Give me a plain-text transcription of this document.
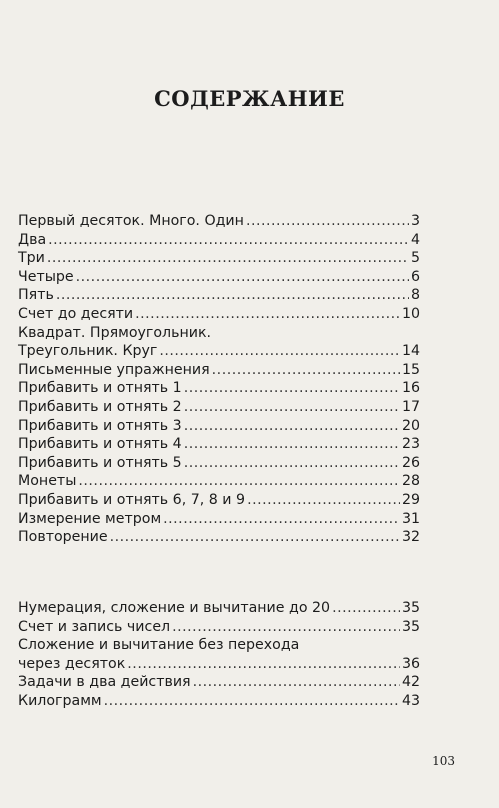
СОДЕРЖАНИЕ
Первый десяток. Много. Один .....	3
Два .....	4
Три .....	5
Четыре .....	6
Пять .....	8
Счет до десяти .....	10
Квадрат. Прямоугольник.
Треугольник. Круг .....	14
Письменные упражнения .....	15
Прибавить и отнять 1 .....	16
Прибавить и отнять 2 .....	17
Прибавить и отнять 3 .....	20
Прибавить и отнять 4 .....	23
Прибавить и отнять 5 .....	26
Монеты .....	28
Прибавить и отнять 6, 7, 8 и 9 .....	29
Измерение метром .....	31
Повторение .....	32
Нумерация, сложение и вычитание до 20 .....	35
Счет и запись чисел .....	35
Сложение и вычитание без перехода
через десяток .....	36
Задачи в два действия .....	42
Килограмм .....	43
103
